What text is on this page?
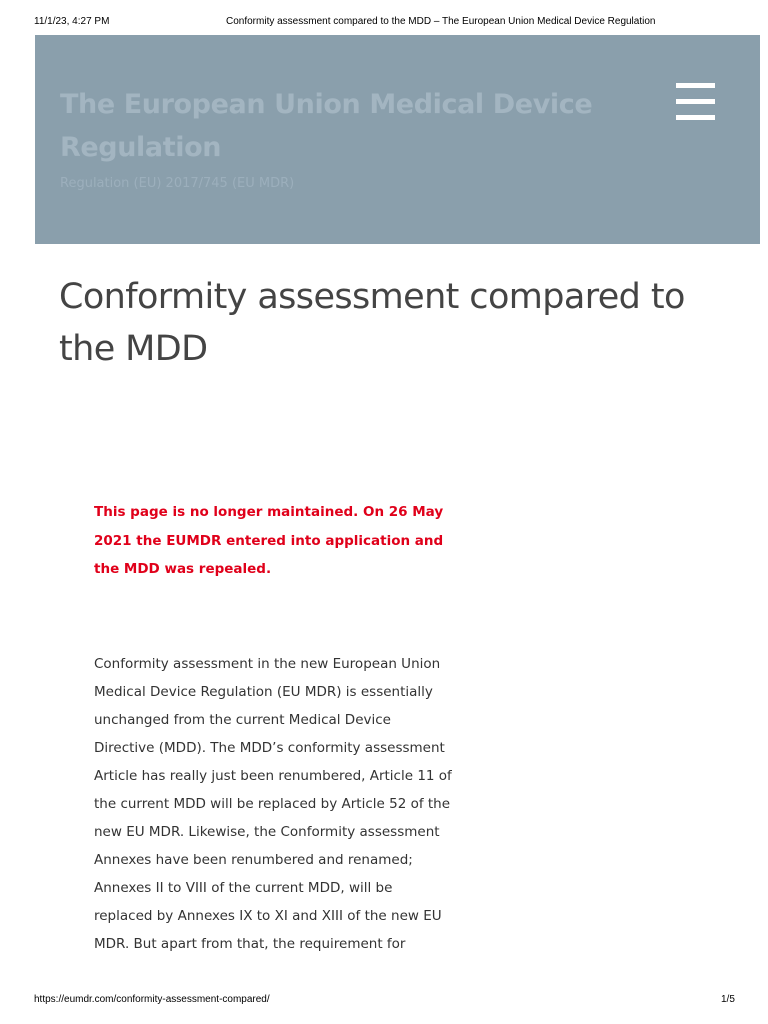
11/1/23, 4:27 PM	Conformity assessment compared to the MDD – The European Union Medical Device Regulation
The European Union Medical Device Regulation
Regulation (EU) 2017/745 (EU MDR)
Conformity assessment compared to the MDD

This page is no longer maintained. On 26 May 2021 the EUMDR entered into application and the MDD was repealed.

Conformity assessment in the new European Union Medical Device Regulation (EU MDR) is essentially unchanged from the current Medical Device Directive (MDD). The MDD’s conformity assessment Article has really just been renumbered, Article 11 of the current MDD will be replaced by Article 52 of the new EU MDR. Likewise, the Conformity assessment Annexes have been renumbered and renamed; Annexes II to VIII of the current MDD, will be replaced by Annexes IX to XI and XIII of the new EU MDR. But apart from that, the requirement for

https://eumdr.com/conformity-assessment-compared/	1/5
